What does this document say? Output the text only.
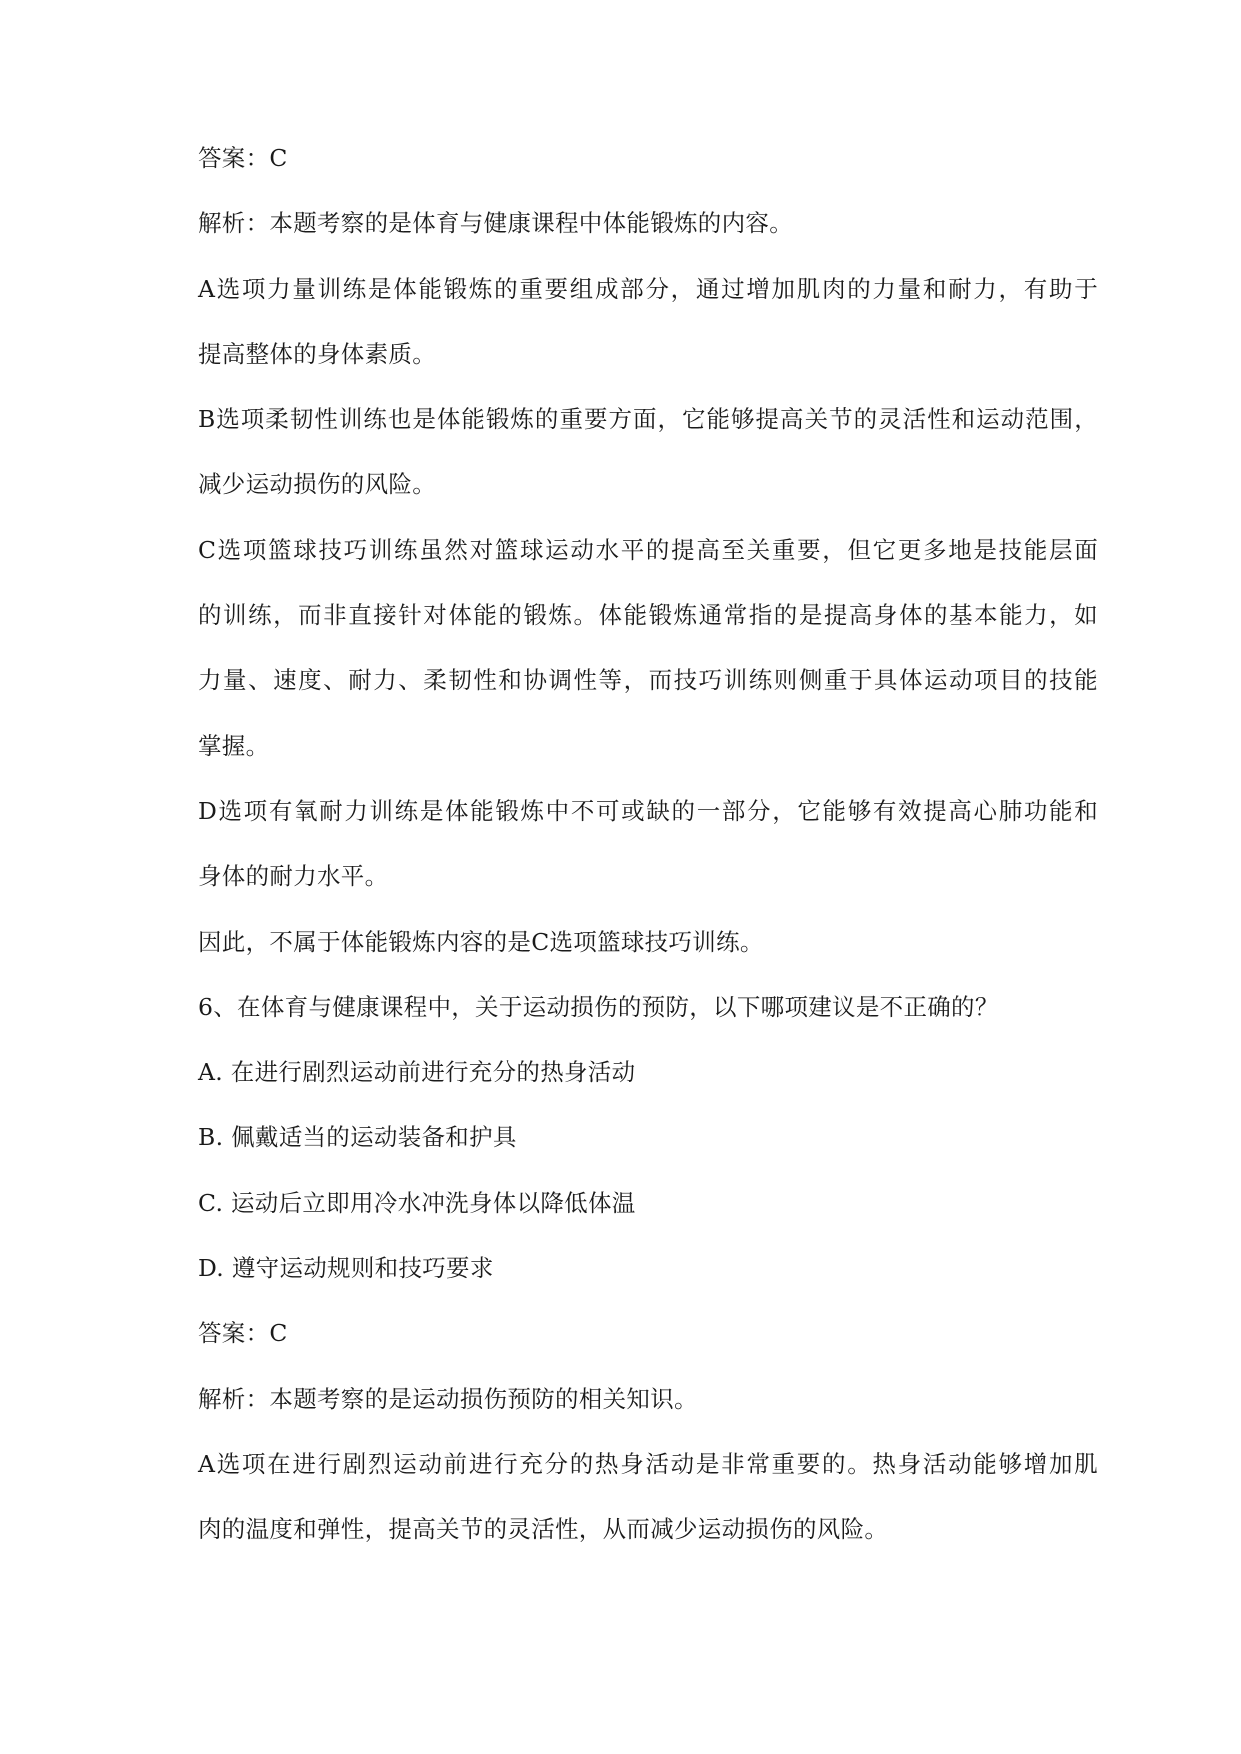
答案：C
解析：本题考察的是体育与健康课程中体能锻炼的内容。
A选项力量训练是体能锻炼的重要组成部分，通过增加肌肉的力量和耐力，有助于
提高整体的身体素质。
B选项柔韧性训练也是体能锻炼的重要方面，它能够提高关节的灵活性和运动范围，
减少运动损伤的风险。
C选项篮球技巧训练虽然对篮球运动水平的提高至关重要，但它更多地是技能层面
的训练，而非直接针对体能的锻炼。体能锻炼通常指的是提高身体的基本能力，如
力量、速度、耐力、柔韧性和协调性等，而技巧训练则侧重于具体运动项目的技能
掌握。
D选项有氧耐力训练是体能锻炼中不可或缺的一部分，它能够有效提高心肺功能和
身体的耐力水平。
因此，不属于体能锻炼内容的是C选项篮球技巧训练。
6、在体育与健康课程中，关于运动损伤的预防，以下哪项建议是不正确的？
A. 在进行剧烈运动前进行充分的热身活动
B. 佩戴适当的运动装备和护具
C. 运动后立即用冷水冲洗身体以降低体温
D. 遵守运动规则和技巧要求
答案：C
解析：本题考察的是运动损伤预防的相关知识。
A选项在进行剧烈运动前进行充分的热身活动是非常重要的。热身活动能够增加肌
肉的温度和弹性，提高关节的灵活性，从而减少运动损伤的风险。
